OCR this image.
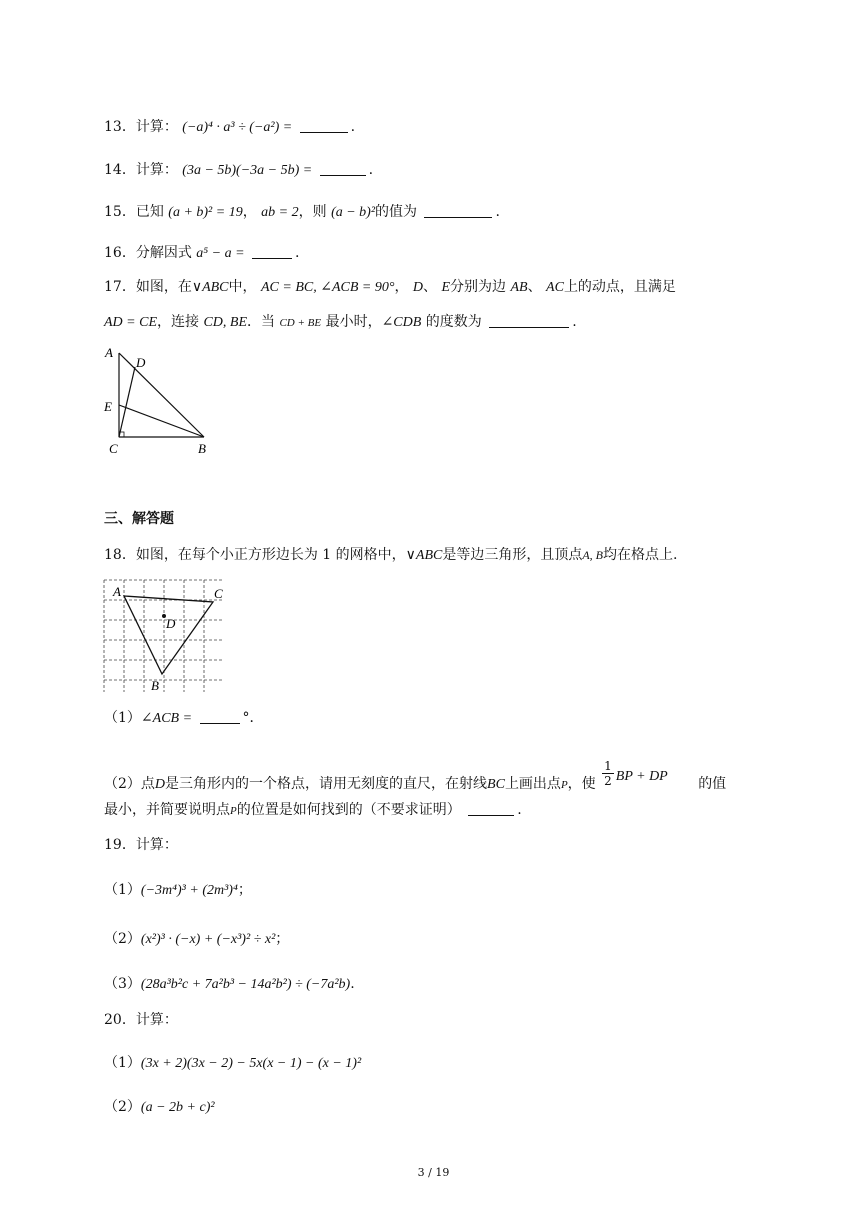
13．计算： (−a)⁴ · a³ ÷ (−a²) =	.
14．计算： (3a − 5b)(−3a − 5b) =	.
15．已知 (a + b)² = 19， ab = 2，则 (a − b)²的值为	.
16．分解因式 a⁵ − a =	.
17．如图，在∨ABC中， AC = BC, ∠ACB = 90°， D、 E分别为边 AB、 AC上的动点，且满足
AD = CE，连接 CD, BE．当 CD + BE 最小时，∠CDB 的度数为	.
A
D
E
C	B
三、解答题
18．如图，在每个小正方形边长为 1 的网格中，∨ABC是等边三角形，且顶点A, B均在格点上.
A	C
D
B
（1）∠ACB =	°．
（2）点D是三角形内的一个格点，请用无刻度的直尺，在射线BC上画出点P，使 $\frac{1}{2}$ BP + DP 的值
最小，并简要说明点P的位置是如何找到的（不要求证明）	.
19．计算：
（1）(−3m⁴)³ + (2m³)⁴；
（2）(x²)³ · (−x) + (−x³)² ÷ x²；
（3）(28a³b²c + 7a²b³ − 14a²b²) ÷ (−7a²b).
20．计算：
（1）(3x + 2)(3x − 2) − 5x(x − 1) − (x − 1)²
（2）(a − 2b + c)²
3 / 19
